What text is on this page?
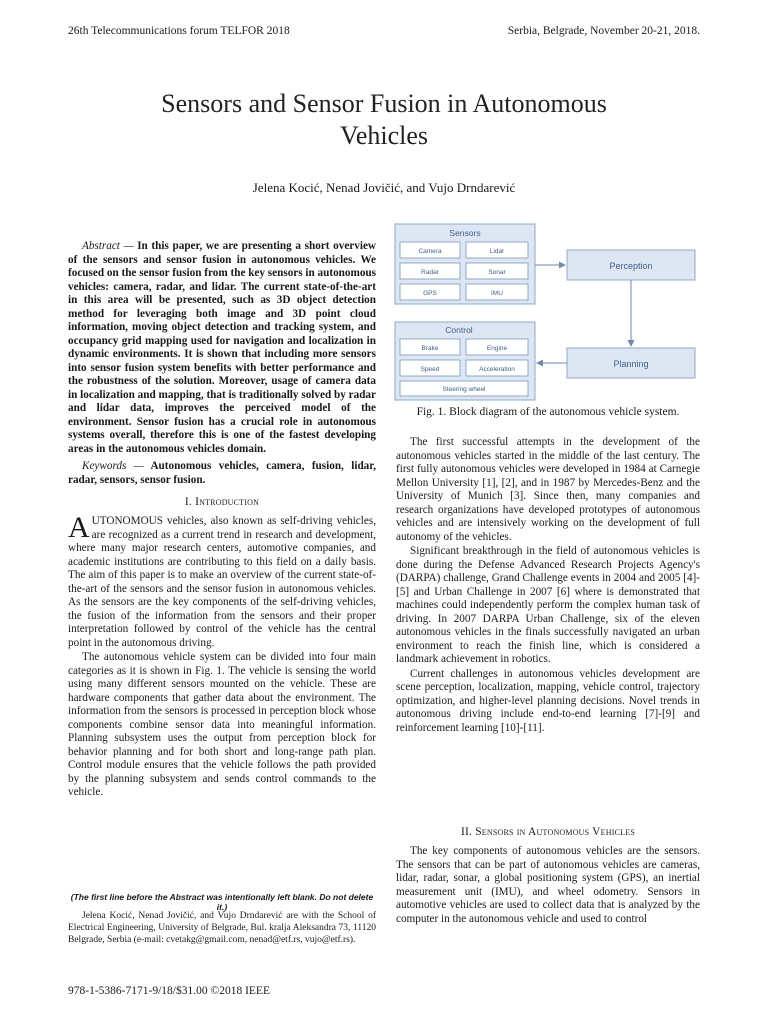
26th Telecommunications forum TELFOR 2018	Serbia, Belgrade, November 20-21, 2018.
Sensors and Sensor Fusion in Autonomous
Vehicles
Jelena Kocić, Nenad Jovičić, and Vujo Drndarević
Abstract — In this paper, we are presenting a short overview of the sensors and sensor fusion in autonomous vehicles. We focused on the sensor fusion from the key sensors in autonomous vehicles: camera, radar, and lidar. The current state-of-the-art in this area will be presented, such as 3D object detection method for leveraging both image and 3D point cloud information, moving object detection and tracking system, and occupancy grid mapping used for navigation and localization in dynamic environments. It is shown that including more sensors into sensor fusion system benefits with better performance and the robustness of the solution. Moreover, usage of camera data in localization and mapping, that is traditionally solved by radar and lidar data, improves the perceived model of the environment. Sensor fusion has a crucial role in autonomous systems overall, therefore this is one of the fastest developing areas in the autonomous vehicles domain.
Keywords — Autonomous vehicles, camera, fusion, lidar, radar, sensors, sensor fusion.
I. Introduction

AUTONOMOUS vehicles, also known as self-driving vehicles, are recognized as a current trend in research and development, where many major research centers, automotive companies, and academic institutions are contributing to this field on a daily basis. The aim of this paper is to make an overview of the current state-of-the-art of the sensors and the sensor fusion in autonomous vehicles. As the sensors are the key components of the self-driving vehicles, the fusion of the information from the sensors and their proper interpretation followed by control of the vehicle has the central point in the autonomous driving.

The autonomous vehicle system can be divided into four main categories as it is shown in Fig. 1. The vehicle is sensing the world using many different sensors mounted on the vehicle. These are hardware components that gather data about the environment. The information from the sensors is processed in perception block whose components combine sensor data into meaningful information. Planning subsystem uses the output from perception block for behavior planning and for both short and long-range path plan. Control module ensures that the vehicle follows the path provided by the planning subsystem and sends control commands to the vehicle.

(The first line before the Abstract was intentionally left blank. Do not delete it.)
Jelena Kocić, Nenad Jovičić, and Vujo Drndarević are with the School of Electrical Engineering, University of Belgrade, Bul. kralja Aleksandra 73, 11120 Belgrade, Serbia (e-mail: cvetakg@gmail.com, nenad@etf.rs, vujo@etf.rs).
978-1-5386-7171-9/18/$31.00 ©2018 IEEE
Sensors
Camera	Lidar
Radar	Sonar
GPS	IMU
Perception
Control
Brake	Engine
Speed	Acceleration
Steering wheel
Planning
Fig. 1. Block diagram of the autonomous vehicle system.

The first successful attempts in the development of the autonomous vehicles started in the middle of the last century. The first fully autonomous vehicles were developed in 1984 at Carnegie Mellon University [1], [2], and in 1987 by Mercedes-Benz and the University of Munich [3]. Since then, many companies and research organizations have developed prototypes of autonomous vehicles and are intensively working on the development of full autonomy of the vehicles.

Significant breakthrough in the field of autonomous vehicles is done during the Defense Advanced Research Projects Agency's (DARPA) challenge, Grand Challenge events in 2004 and 2005 [4]-[5] and Urban Challenge in 2007 [6] where is demonstrated that machines could independently perform the complex human task of driving. In 2007 DARPA Urban Challenge, six of the eleven autonomous vehicles in the finals successfully navigated an urban environment to reach the finish line, which is considered a landmark achievement in robotics.

Current challenges in autonomous vehicles development are scene perception, localization, mapping, vehicle control, trajectory optimization, and higher-level planning decisions. Novel trends in autonomous driving include end-to-end learning [7]-[9] and reinforcement learning [10]-[11].

II. Sensors in Autonomous Vehicles

The key components of autonomous vehicles are the sensors. The sensors that can be part of autonomous vehicles are cameras, lidar, radar, sonar, a global positioning system (GPS), an inertial measurement unit (IMU), and wheel odometry. Sensors in automotive vehicles are used to collect data that is analyzed by the computer in the autonomous vehicle and used to control
